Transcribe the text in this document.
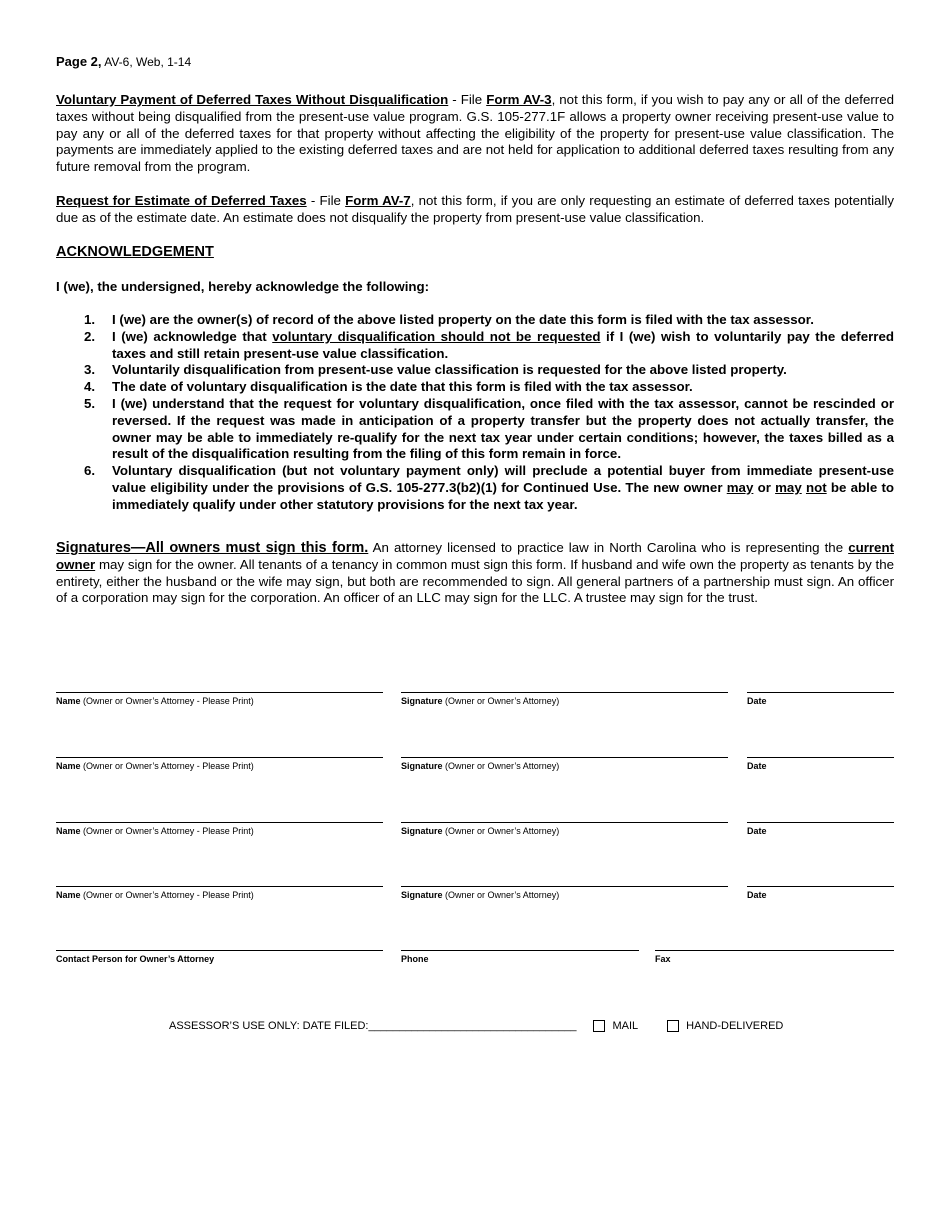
Page 2, AV-6, Web, 1-14
Voluntary Payment of Deferred Taxes Without Disqualification - File Form AV-3, not this form, if you wish to pay any or all of the deferred taxes without being disqualified from the present-use value program. G.S. 105-277.1F allows a property owner receiving present-use value to pay any or all of the deferred taxes for that property without affecting the eligibility of the property for present-use value classification. The payments are immediately applied to the existing deferred taxes and are not held for application to additional deferred taxes resulting from any future removal from the program.
Request for Estimate of Deferred Taxes - File Form AV-7, not this form, if you are only requesting an estimate of deferred taxes potentially due as of the estimate date. An estimate does not disqualify the property from present-use value classification.
ACKNOWLEDGEMENT
I (we), the undersigned, hereby acknowledge the following:
1. I (we) are the owner(s) of record of the above listed property on the date this form is filed with the tax assessor.
2. I (we) acknowledge that voluntary disqualification should not be requested if I (we) wish to voluntarily pay the deferred taxes and still retain present-use value classification.
3. Voluntarily disqualification from present-use value classification is requested for the above listed property.
4. The date of voluntary disqualification is the date that this form is filed with the tax assessor.
5. I (we) understand that the request for voluntary disqualification, once filed with the tax assessor, cannot be rescinded or reversed. If the request was made in anticipation of a property transfer but the property does not actually transfer, the owner may be able to immediately re-qualify for the next tax year under certain conditions; however, the taxes billed as a result of the disqualification resulting from the filing of this form remain in force.
6. Voluntary disqualification (but not voluntary payment only) will preclude a potential buyer from immediate present-use value eligibility under the provisions of G.S. 105-277.3(b2)(1) for Continued Use. The new owner may or may not be able to immediately qualify under other statutory provisions for the next tax year.
Signatures—All owners must sign this form. An attorney licensed to practice law in North Carolina who is representing the current owner may sign for the owner. All tenants of a tenancy in common must sign this form. If husband and wife own the property as tenants by the entirety, either the husband or the wife may sign, but both are recommended to sign. All general partners of a partnership must sign. An officer of a corporation may sign for the corporation. An officer of an LLC may sign for the LLC. A trustee may sign for the trust.
Name (Owner or Owner’s Attorney - Please Print)	Signature (Owner or Owner’s Attorney)	Date
Name (Owner or Owner’s Attorney - Please Print)	Signature (Owner or Owner’s Attorney)	Date
Name (Owner or Owner’s Attorney - Please Print)	Signature (Owner or Owner’s Attorney)	Date
Name (Owner or Owner’s Attorney - Please Print)	Signature (Owner or Owner’s Attorney)	Date
Contact Person for Owner’s Attorney	Phone	Fax
ASSESSOR’S USE ONLY: DATE FILED:__________________________________	MAIL	HAND-DELIVERED
